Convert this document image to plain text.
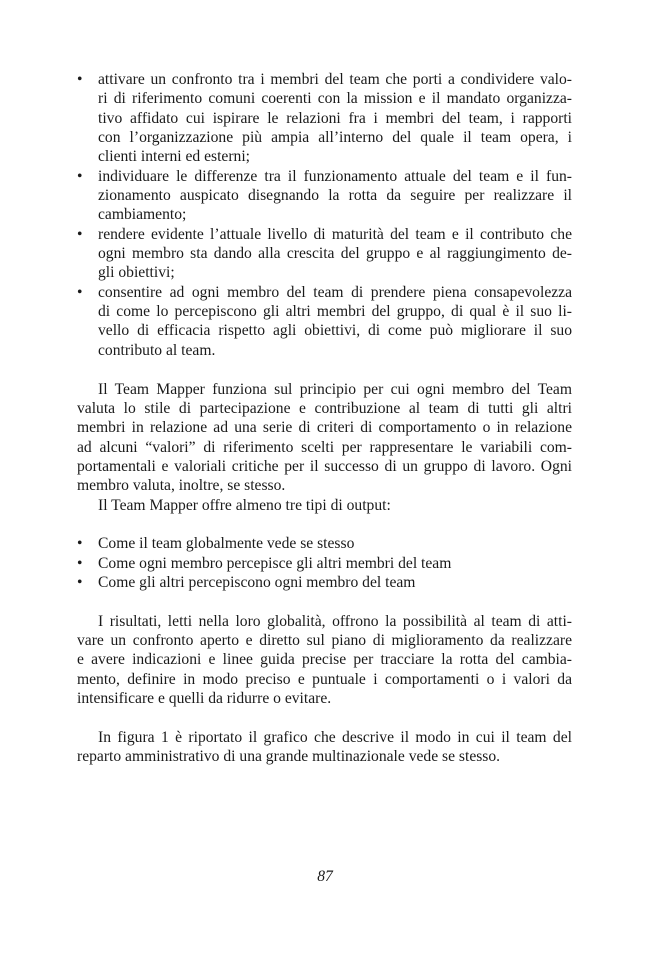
• attivare un confronto tra i membri del team che porti a condividere valo-
ri di riferimento comuni coerenti con la mission e il mandato organizza-
tivo affidato cui ispirare le relazioni fra i membri del team, i rapporti
con l’organizzazione più ampia all’interno del quale il team opera, i
clienti interni ed esterni;
• individuare le differenze tra il funzionamento attuale del team e il fun-
zionamento auspicato disegnando la rotta da seguire per realizzare il
cambiamento;
• rendere evidente l’attuale livello di maturità del team e il contributo che
ogni membro sta dando alla crescita del gruppo e al raggiungimento de-
gli obiettivi;
• consentire ad ogni membro del team di prendere piena consapevolezza
di come lo percepiscono gli altri membri del gruppo, di qual è il suo li-
vello di efficacia rispetto agli obiettivi, di come può migliorare il suo
contributo al team.
Il Team Mapper funziona sul principio per cui ogni membro del Team
valuta lo stile di partecipazione e contribuzione al team di tutti gli altri
membri in relazione ad una serie di criteri di comportamento o in relazione
ad alcuni “valori” di riferimento scelti per rappresentare le variabili com-
portamentali e valoriali critiche per il successo di un gruppo di lavoro. Ogni
membro valuta, inoltre, se stesso.
Il Team Mapper offre almeno tre tipi di output:
• Come il team globalmente vede se stesso
• Come ogni membro percepisce gli altri membri del team
• Come gli altri percepiscono ogni membro del team
I risultati, letti nella loro globalità, offrono la possibilità al team di atti-
vare un confronto aperto e diretto sul piano di miglioramento da realizzare
e avere indicazioni e linee guida precise per tracciare la rotta del cambia-
mento, definire in modo preciso e puntuale i comportamenti o i valori da
intensificare e quelli da ridurre o evitare.
In figura 1 è riportato il grafico che descrive il modo in cui il team del
reparto amministrativo di una grande multinazionale vede se stesso.
87
